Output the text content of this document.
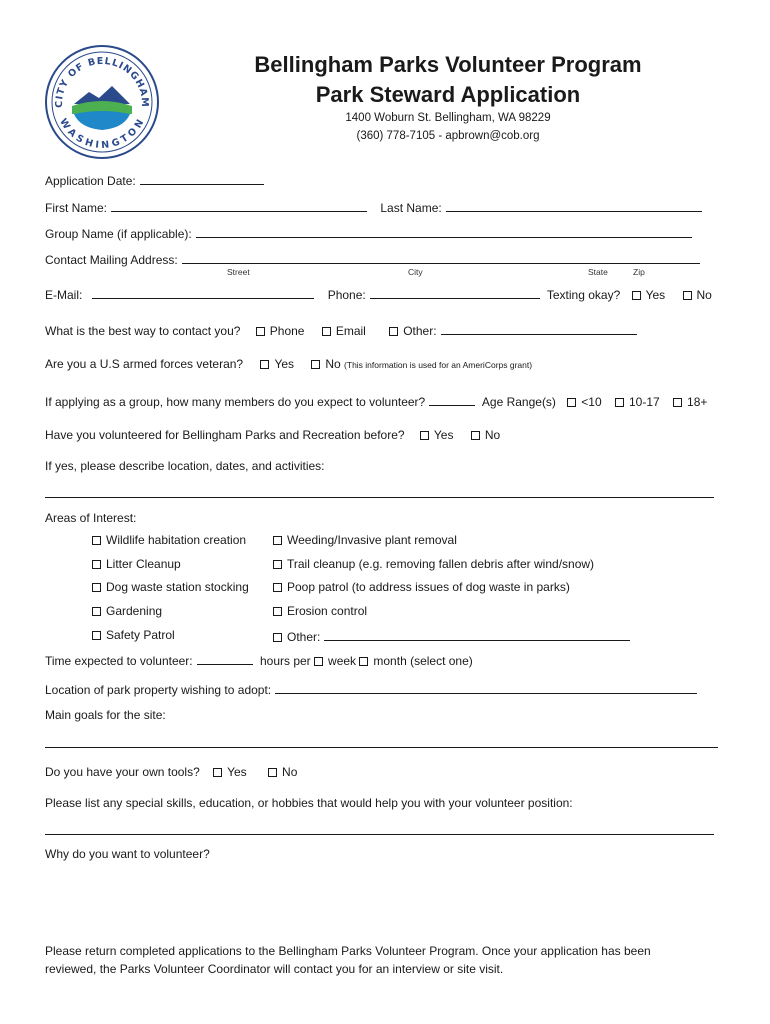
CITY OF BELLINGHAM
WASHINGTON
Bellingham Parks Volunteer Program
Park Steward Application
1400 Woburn St. Bellingham, WA 98229
(360) 778-7105 - apbrown@cob.org
Application Date:
First Name:	Last Name:
Group Name (if applicable):
Contact Mailing Address:
Street	City	State	Zip
E-Mail:	Phone:	Texting okay? Yes	No
What is the best way to contact you? Phone	Email	Other:
Are you a U.S armed forces veteran?	Yes	No (This information is used for an AmeriCorps grant)
If applying as a group, how many members do you expect to volunteer?	Age Range(s) <10 10-17 18+
Have you volunteered for Bellingham Parks and Recreation before? Yes	No
If yes, please describe location, dates, and activities:
Areas of Interest:
Wildlife habitation creation
Litter Cleanup
Dog waste station stocking
Gardening
Safety Patrol
Weeding/Invasive plant removal
Trail cleanup (e.g. removing fallen debris after wind/snow)
Poop patrol (to address issues of dog waste in parks)
Erosion control
Other:
Time expected to volunteer:	hours per week month (select one)
Location of park property wishing to adopt:
Main goals for the site:
Do you have your own tools? Yes	No
Please list any special skills, education, or hobbies that would help you with your volunteer position:
Why do you want to volunteer?
Please return completed applications to the Bellingham Parks Volunteer Program. Once your application has been
reviewed, the Parks Volunteer Coordinator will contact you for an interview or site visit.
